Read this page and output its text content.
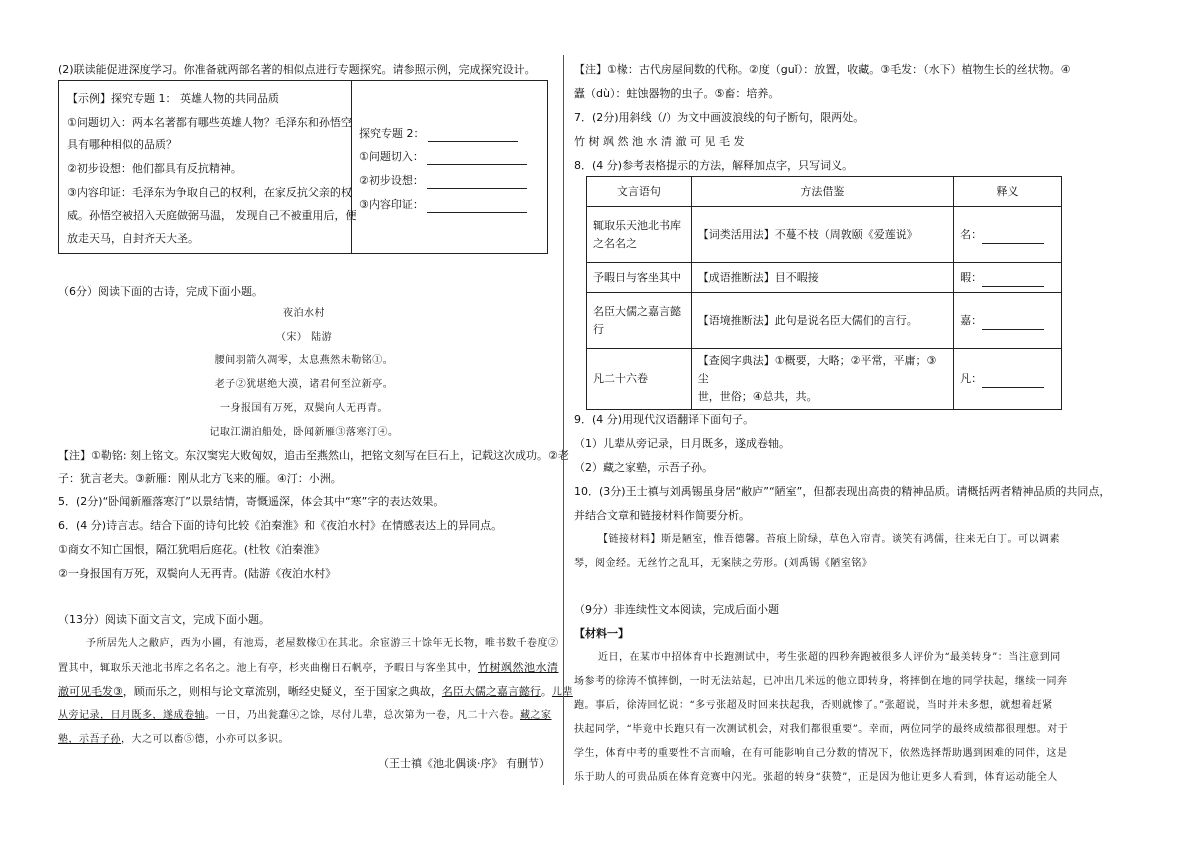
(2)联读能促进深度学习。你准备就两部名著的相似点进行专题探究。请参照示例，完成探究设计。
【示例】探究专题 1： 英雄人物的共同品质
①问题切入：两本名著都有哪些英雄人物？毛泽东和孙悟空
具有哪种相似的品质？
②初步设想：他们都具有反抗精神。
③内容印证：毛泽东为争取自己的权利，在家反抗父亲的权
威。孙悟空被招入天庭做弼马温， 发现自己不被重用后，便
放走天马，自封齐天大圣。
探究专题 2：
①问题切入：
②初步设想：
③内容印证：
（6分）阅读下面的古诗，完成下面小题。
夜泊水村
（宋） 陆游
腰间羽箭久凋零，太息燕然未勒铭①。
老子②犹堪绝大漠，诸君何至泣新亭。
一身报国有万死，双鬓向人无再青。
记取江湖泊船处，卧闻新雁③落寒汀④。
【注】①勒铭: 刻上铭文。东汉窦宪大败匈奴，追击至燕然山，把铭文刻写在巨石上，记载这次成功。②老
子：犹言老夫。③新雁：刚从北方飞来的雁。④汀：小洲。
5．(2分)“卧闻新雁落寒汀”以景结情，寄慨遥深，体会其中“寒”字的表达效果。
6．(4 分)诗言志。结合下面的诗句比较《泊秦淮》和《夜泊水村》在情感表达上的异同点。
①商女不知亡国恨，隔江犹唱后庭花。(杜牧《泊秦淮》
②一身报国有万死，双鬓向人无再青。(陆游《夜泊水村》
（13分）阅读下面文言文，完成下面小题。
予所居先人之敝庐，西为小圃，有池焉，老屋数椽①在其北。余宦游三十馀年无长物，唯书数千卷度②
置其中，辄取乐天池北书库之名名之。池上有亭，杉夹曲榭日石帆亭，予暇日与客坐其中，竹树飒然池水清
澈可见毛发③，顾而乐之，则相与论文章流别，晰经史疑义，至于国家之典故，名臣大儒之嘉言懿行。儿辈
从旁记录，日月既多，遂成卷轴。一日，乃出瓮蠢④之馀，尽付儿辈，总次第为一卷，凡二十六卷。藏之家
塾，示吾子孙，大之可以畜⑤德，小亦可以多识。
（王士禛《池北偶谈·序》 有删节）
【注】①椽：古代房屋间数的代称。②度（guǐ）：放置，收藏。③毛发：（水下）植物生长的丝状物。④
蠹（dù）：蛀蚀器物的虫子。⑤畜：培养。
7．(2分)用斜线（/）为文中画波浪线的句子断句，限两处。
竹 树 飒 然 池 水 清 澈 可 见 毛 发
8．(4 分)参考表格提示的方法，解释加点字，只写词义。
文言语句	方法借鉴	释义
辄取乐天池北书库
之名名之	【词类活用法】不蔓不枝（周敦颐《爱莲说》	名：
予暇日与客坐其中	【成语推断法】目不暇接	暇：
名臣大儒之嘉言懿
行	【语境推断法】此句是说名臣大儒们的言行。	嘉：
凡二十六卷	【查阅字典法】①概要，大略；②平常，平庸；③尘
世，世俗；④总共，共。	凡：
9．(4 分)用现代汉语翻译下面句子。
（1）儿辈从旁记录，日月既多，遂成卷轴。
（2）藏之家塾，示吾子孙。
10．(3分)王士禛与刘禹锡虽身居“敝庐”“陋室”，但都表现出高贵的精神品质。请概括两者精神品质的共同点，
并结合文章和链接材料作简要分析。
【链接材料】斯是陋室，惟吾德馨。苔痕上阶绿，草色入帘青。谈笑有鸿儒，往来无白丁。可以调素
琴，阅金经。无丝竹之乱耳，无案牍之劳形。(刘禹锡《陋室铭》
（9分）非连续性文本阅读，完成后面小题
【材料一】
近日，在某市中招体育中长跑测试中，考生张超的四秒奔跑被很多人评价为“最美转身”：当注意到同
场参考的徐涛不慎摔倒，一时无法站起，已冲出几米远的他立即转身，将摔倒在地的同学扶起，继续一同奔
跑。事后，徐涛回忆说：“多亏张超及时回来扶起我，否则就惨了。”张超说，当时并未多想，就想着赶紧
扶起同学，“毕竟中长跑只有一次测试机会，对我们都很重要”。幸而，两位同学的最终成绩都很理想。对于
学生，体育中考的重要性不言而喻，在有可能影响自己分数的情况下，依然选择帮助遇到困难的同伴，这是
乐于助人的可贵品质在体育竞赛中闪光。张超的转身“获赞”，正是因为他让更多人看到，体育运动能全人
